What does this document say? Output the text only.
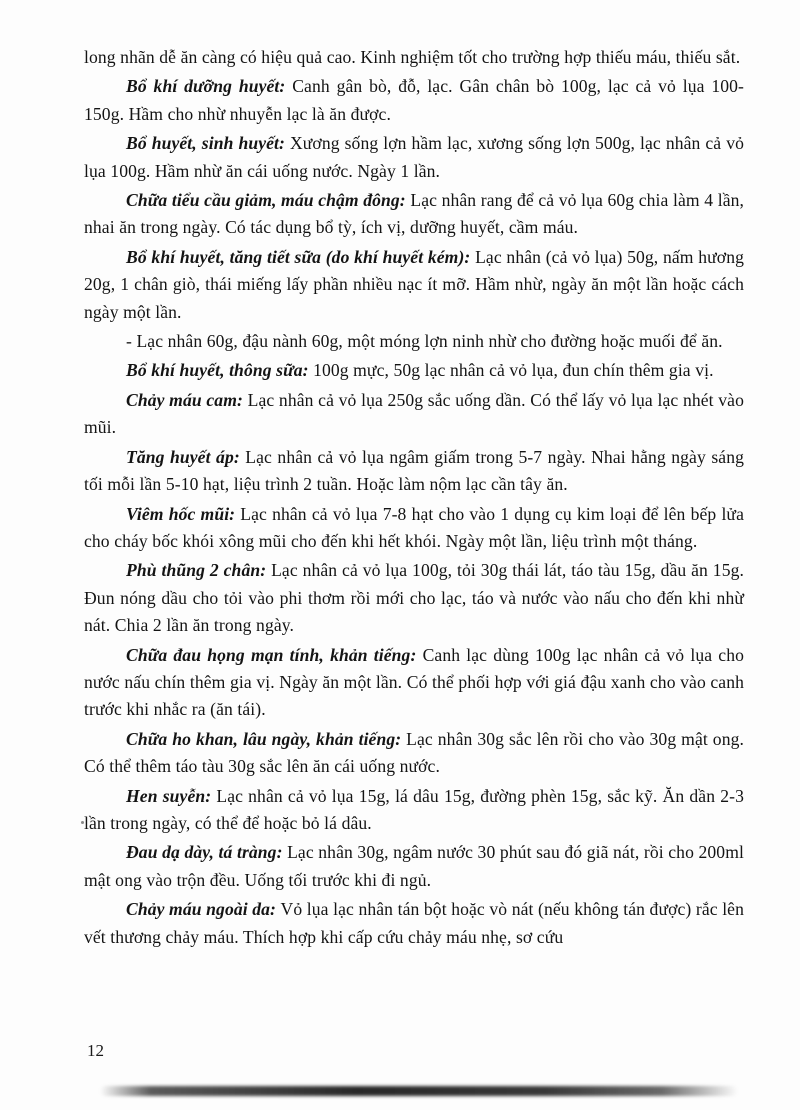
long nhãn dễ ăn càng có hiệu quả cao. Kinh nghiệm tốt cho trường hợp thiếu máu, thiếu sắt.

Bổ khí dưỡng huyết: Canh gân bò, đỗ, lạc. Gân chân bò 100g, lạc cả vỏ lụa 100-150g. Hầm cho nhừ nhuyễn lạc là ăn được.

Bổ huyết, sinh huyết: Xương sống lợn hầm lạc, xương sống lợn 500g, lạc nhân cả vỏ lụa 100g. Hầm nhừ ăn cái uống nước. Ngày 1 lần.

Chữa tiểu cầu giảm, máu chậm đông: Lạc nhân rang để cả vỏ lụa 60g chia làm 4 lần, nhai ăn trong ngày. Có tác dụng bổ tỳ, ích vị, dưỡng huyết, cầm máu.

Bổ khí huyết, tăng tiết sữa (do khí huyết kém): Lạc nhân (cả vỏ lụa) 50g, nấm hương 20g, 1 chân giò, thái miếng lấy phần nhiều nạc ít mỡ. Hầm nhừ, ngày ăn một lần hoặc cách ngày một lần.

- Lạc nhân 60g, đậu nành 60g, một móng lợn ninh nhừ cho đường hoặc muối để ăn.

Bổ khí huyết, thông sữa: 100g mực, 50g lạc nhân cả vỏ lụa, đun chín thêm gia vị.

Chảy máu cam: Lạc nhân cả vỏ lụa 250g sắc uống dần. Có thể lấy vỏ lụa lạc nhét vào mũi.

Tăng huyết áp: Lạc nhân cả vỏ lụa ngâm giấm trong 5-7 ngày. Nhai hằng ngày sáng tối mỗi lần 5-10 hạt, liệu trình 2 tuần. Hoặc làm nộm lạc cần tây ăn.

Viêm hốc mũi: Lạc nhân cả vỏ lụa 7-8 hạt cho vào 1 dụng cụ kim loại để lên bếp lửa cho cháy bốc khói xông mũi cho đến khi hết khói. Ngày một lần, liệu trình một tháng.

Phù thũng 2 chân: Lạc nhân cả vỏ lụa 100g, tỏi 30g thái lát, táo tàu 15g, dầu ăn 15g. Đun nóng dầu cho tỏi vào phi thơm rồi mới cho lạc, táo và nước vào nấu cho đến khi nhừ nát. Chia 2 lần ăn trong ngày.

Chữa đau họng mạn tính, khản tiếng: Canh lạc dùng 100g lạc nhân cả vỏ lụa cho nước nấu chín thêm gia vị. Ngày ăn một lần. Có thể phối hợp với giá đậu xanh cho vào canh trước khi nhắc ra (ăn tái).

Chữa ho khan, lâu ngày, khản tiếng: Lạc nhân 30g sắc lên rồi cho vào 30g mật ong. Có thể thêm táo tàu 30g sắc lên ăn cái uống nước.

Hen suyễn: Lạc nhân cả vỏ lụa 15g, lá dâu 15g, đường phèn 15g, sắc kỹ. Ăn dần 2-3 lần trong ngày, có thể để hoặc bỏ lá dâu.

Đau dạ dày, tá tràng: Lạc nhân 30g, ngâm nước 30 phút sau đó giã nát, rồi cho 200ml mật ong vào trộn đều. Uống tối trước khi đi ngủ.

Chảy máu ngoài da: Vỏ lụa lạc nhân tán bột hoặc vò nát (nếu không tán được) rắc lên vết thương chảy máu. Thích hợp khi cấp cứu chảy máu nhẹ, sơ cứu

12
